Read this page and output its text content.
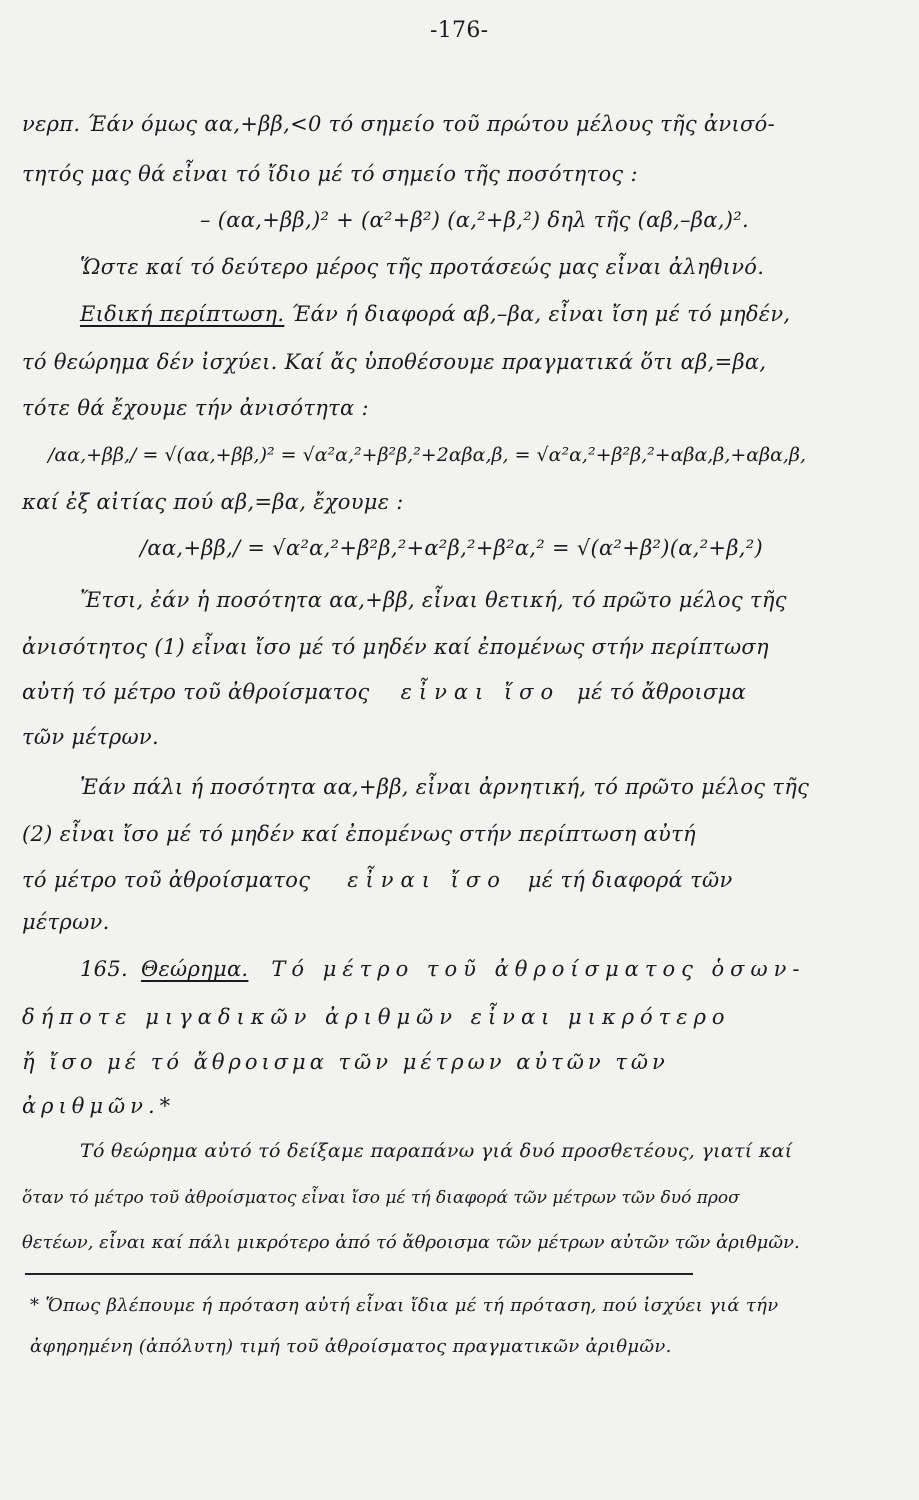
-176-
νερπ. Έάν όμως αα,+ββ,<0 τό σημείο τοῦ πρώτου μέλους τῆς ἀνισό-
τητός μας θά εἶναι τό ἴδιο μέ τό σημείο τῆς ποσότητος :
– (αα,+ββ,)² + (α²+β²) (α,²+β,²) δηλ τῆς (αβ,–βα,)².
Ὥστε καί τό δεύτερο μέρος τῆς προτάσεώς μας εἶναι ἀληθινό.
Ειδική περίπτωση. Έάν ή διαφορά αβ,–βα, εἶναι ἴση μέ τό μηδέν,
τό θεώρημα δέν ἰσχύει. Καί ἄς ὑποθέσουμε πραγματικά ὅτι αβ,=βα,
τότε θά ἔχουμε τήν ἀνισότητα :
/αα,+ββ,/ = √(αα,+ββ,)² = √α²α,²+β²β,²+2αβα,β, = √α²α,²+β²β,²+αβα,β,+αβα,β,
καί ἐξ αἰτίας πού αβ,=βα, ἔχουμε :
/αα,+ββ,/ = √α²α,²+β²β,²+α²β,²+β²α,² = √(α²+β²)(α,²+β,²)
Ἔτσι, ἐάν ἡ ποσότητα αα,+ββ, εἶναι θετική, τό πρῶτο μέλος τῆς
ἀνισότητος (1) εἶναι ἴσο μέ τό μηδέν καί ἐπομένως στήν περίπτωση
αὐτή τό μέτρο τοῦ ἀθροίσματος εἶναι ἴσο μέ τό ἄθροισμα
τῶν μέτρων.
Ἐάν πάλι ή ποσότητα αα,+ββ, εἶναι ἀρνητική, τό πρῶτο μέλος τῆς
(2) εἶναι ἴσο μέ τό μηδέν καί ἐπομένως στήν περίπτωση αὐτή
τό μέτρο τοῦ ἀθροίσματος εἶναι ἴσο μέ τή διαφορά τῶν
μέτρων.
165. Θεώρημα. Τό μέτρο τοῦ ἀθροίσματος ὁσων-
δήποτε μιγαδικῶν ἀριθμῶν εἶναι μικρότερο
ἤ ἴσο μέ τό ἄθροισμα τῶν μέτρων αὐτῶν τῶν
ἀριθμῶν.*
Τό θεώρημα αὐτό τό δείξαμε παραπάνω γιά δυό προσθετέους, γιατί καί
ὅταν τό μέτρο τοῦ ἀθροίσματος εἶναι ἴσο μέ τή διαφορά τῶν μέτρων τῶν δυό προσ
θετέων, εἶναι καί πάλι μικρότερο ἀπό τό ἄθροισμα τῶν μέτρων αὐτῶν τῶν ἀριθμῶν.
* Ὅπως βλέπουμε ή πρόταση αὐτή εἶναι ἴδια μέ τή πρόταση, πού ἰσχύει γιά τήν
ἀφηρημένη (ἀπόλυτη) τιμή τοῦ ἀθροίσματος πραγματικῶν ἀριθμῶν.
